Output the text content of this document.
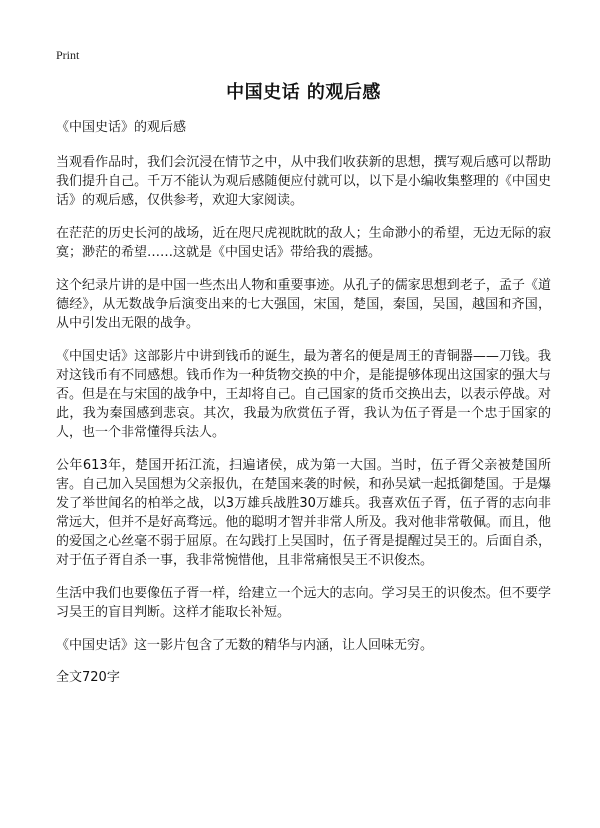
Print
中国史话 的观后感
《中国史话》的观后感
当观看作品时，我们会沉浸在情节之中，从中我们收获新的思想，撰写观后感可以帮助我们提升自己。千万不能认为观后感随便应付就可以，以下是小编收集整理的《中国史话》的观后感，仅供参考，欢迎大家阅读。
在茫茫的历史长河的战场，近在咫尺虎视眈眈的敌人；生命渺小的希望，无边无际的寂寞；渺茫的希望……这就是《中国史话》带给我的震撼。
这个纪录片讲的是中国一些杰出人物和重要事迹。从孔子的儒家思想到老子，孟子《道德经》，从无数战争后演变出来的七大强国，宋国，楚国，秦国，吴国，越国和齐国，从中引发出无限的战争。
《中国史话》这部影片中讲到钱币的诞生，最为著名的便是周王的青铜器——刀钱。我对这钱币有不同感想。钱币作为一种货物交换的中介，是能提够体现出这国家的强大与否。但是在与宋国的战争中，王却将自己。自己国家的货币交换出去，以表示停战。对此，我为秦国感到悲哀。其次，我最为欣赏伍子胥，我认为伍子胥是一个忠于国家的人，也一个非常懂得兵法人。
公年613年，楚国开拓江流，扫遍诸侯，成为第一大国。当时，伍子胥父亲被楚国所害。自己加入吴国想为父亲报仇，在楚国来袭的时候，和孙吴斌一起抵御楚国。于是爆发了举世闻名的柏举之战，以3万雄兵战胜30万雄兵。我喜欢伍子胥，伍子胥的志向非常远大，但并不是好高骛远。他的聪明才智并非常人所及。我对他非常敬佩。而且，他的爱国之心丝毫不弱于屈原。在勾践打上吴国时，伍子胥是提醒过吴王的。后面自杀，对于伍子胥自杀一事，我非常惋惜他，且非常痛恨吴王不识俊杰。
生活中我们也要像伍子胥一样，给建立一个远大的志向。学习吴王的识俊杰。但不要学习吴王的盲目判断。这样才能取长补短。
《中国史话》这一影片包含了无数的精华与内涵，让人回味无穷。
全文720字
